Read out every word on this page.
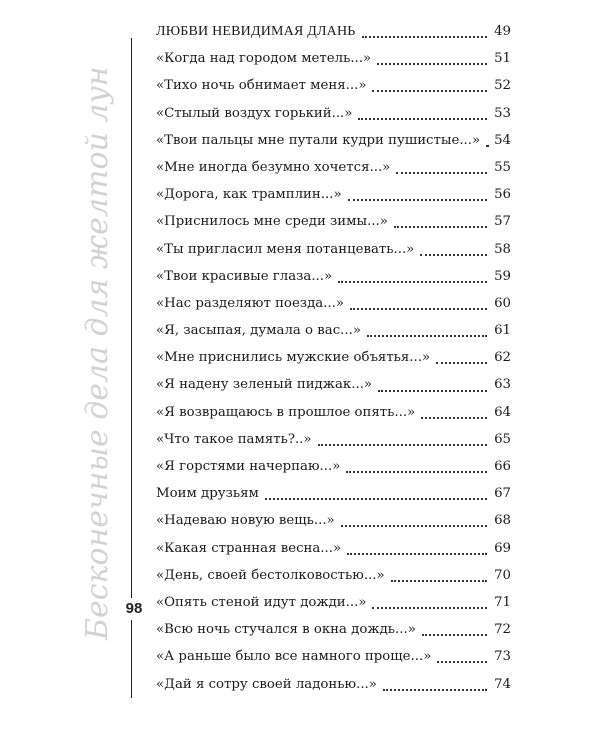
Бесконечные дела для желтой лун 98
ЛЮБВИ НЕВИДИМАЯ ДЛАНЬ	49
«Когда над городом метель...»	51
«Тихо ночь обнимает меня...»	52
«Стылый воздух горький...»	53
«Твои пальцы мне путали кудри пушистые...» 54
«Мне иногда безумно хочется...»	55
«Дорога, как трамплин...»	56
«Приснилось мне среди зимы...»	57
«Ты пригласил меня потанцевать...»	58
«Твои красивые глаза...»	59
«Нас разделяют поезда...»	60
«Я, засыпая, думала о вас...»	61
«Мне приснились мужские объятья...»	62
«Я надену зеленый пиджак...»	63
«Я возвращаюсь в прошлое опять...»	64
«Что такое память?..»	65
«Я горстями начерпаю...»	66
Моим друзьям	67
«Надеваю новую вещь...»	68
«Какая странная весна...»	69
«День, своей бестолковостью...»	70
«Опять стеной идут дожди...»	71
«Всю ночь стучался в окна дождь...»	72
«А раньше было все намного проще...»	73
«Дай я сотру своей ладонью...»	74
